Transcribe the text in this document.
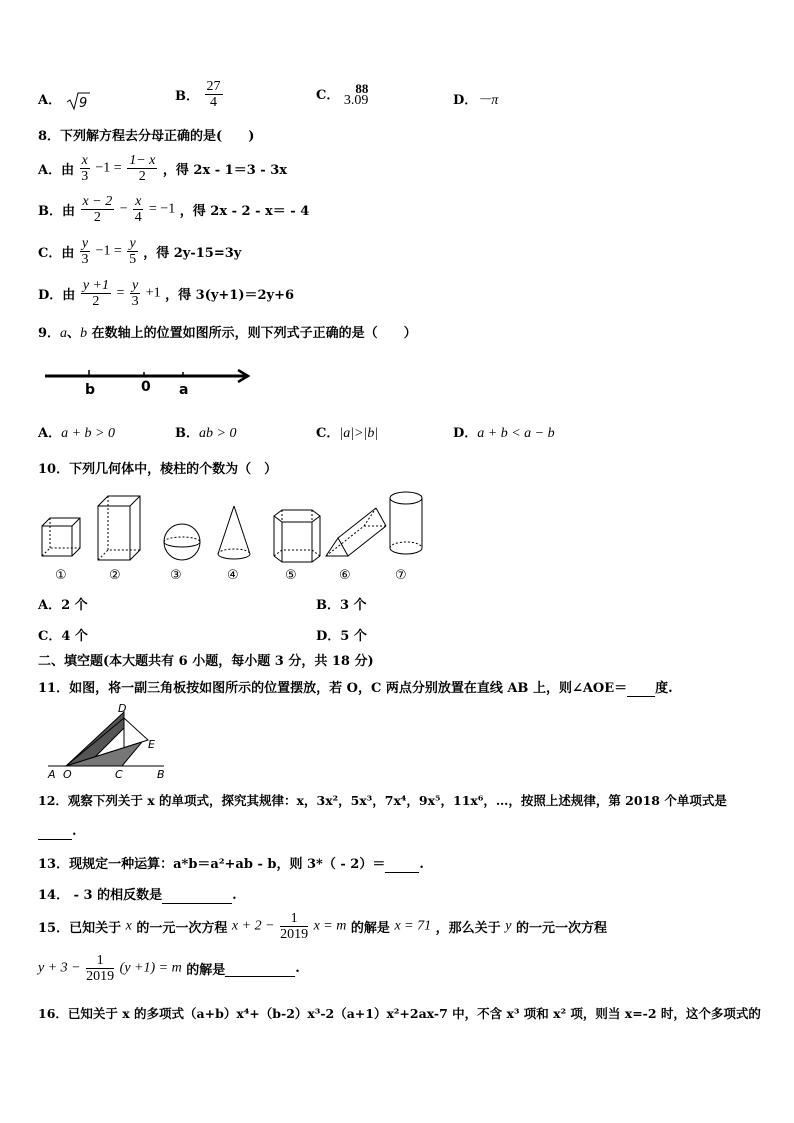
A． 9	B． $\frac{27}{4}$	C． 3.0
88
9	D．－π
8．下列解方程去分母正确的是(　　)
A．由 $\frac{x}{3} -1 = \frac{1- x}{2}$ ，得 2x - 1＝3 - 3x
B．由 $\frac{x - 2}{2} - \frac{x}{4} = -1$ ，得 2x - 2 - x＝ - 4
C．由 $\frac{y}{3} -1 = \frac{y}{5}$ ，得 2y-15=3y
D．由 $\frac{y +1}{2} = \frac{y}{3} +1$ ，得 3(y+1)＝2y+6
9．a、b 在数轴上的位置如图所示，则下列式子正确的是（　　）
b	0 a
A．a + b > 0	B．ab > 0	C．|a|>|b|	D．a + b < a − b
10．下列几何体中，棱柱的个数为（　）
①	②	③	④	⑤	⑥	⑦
A．2 个	B．3 个
C．4 个	D．5 个
二、填空题(本大题共有 6 小题，每小题 3 分，共 18 分)
11．如图，将一副三角板按如图所示的位置摆放，若 O，C 两点分别放置在直线 AB 上，则∠AOE＝ 度.
D
E
A O	C	B
12．观察下列关于 x 的单项式，探究其规律：x，3x²，5x³，7x⁴，9x⁵，11x⁶，…，按照上述规律，第 2018 个单项式是
.
13．现规定一种运算：a*b＝a²+ab - b，则 3*（ - 2）＝	.
14． - 3 的相反数是	.
15．已知关于 x 的一元一次方程 $x + 2 - \frac{1}{2019}$ x = m 的解是 x = 71 ，那么关于 y 的一元一次方程
$y + 3 - \frac{1}{2019} (y +1) = m$ 的解是	.
16．已知关于 x 的多项式（a+b）x⁴+（b-2）x³-2（a+1）x²+2ax-7 中，不含 x³ 项和 x² 项，则当 x=-2 时，这个多项式的
